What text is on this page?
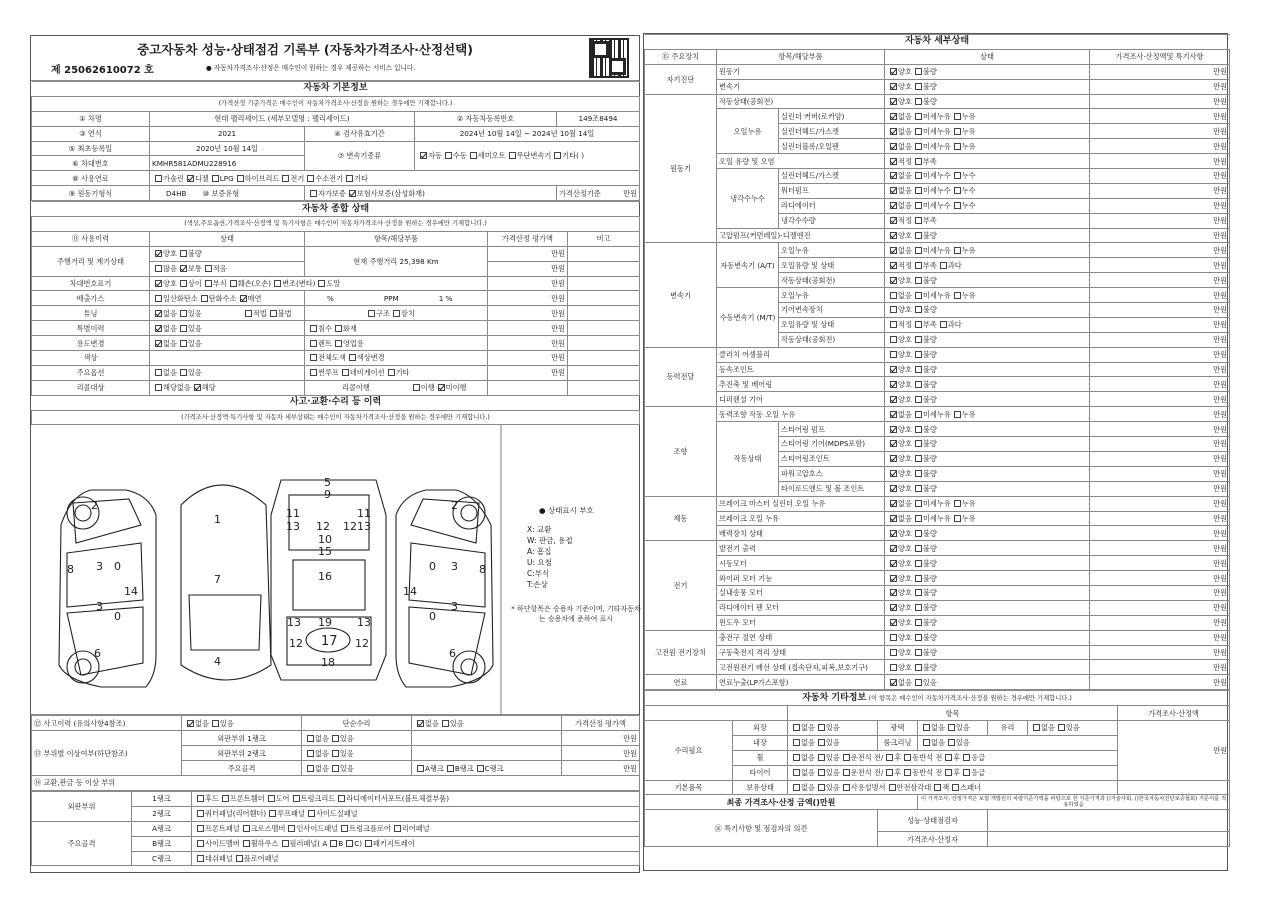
중고자동차 성능·상태점검 기록부 (자동차가격조사·산정선택)
제 25062610072 호	● 자동차가격조사·산정은 매수인이 원하는 경우 제공하는 서비스 입니다.
자동차 기본정보				
(가격산정 기준가격은 매수인이 자동차가격조사·산정을 원하는 경우에만 기재합니다.)				
① 차명	현대 팰리세이드 (세부모델명 : 팰리세이드)		② 자동차등록번호	149조8494
③ 연식	2021	④ 검사유효기간	2024년 10월 14일 ~ 2024년 10월 14일	
⑤ 최초등록일	2020년 10월 14일	⑦ 변속기종류	자동 수동 세미오토 무단변속기 기타( )	
⑥ 차대번호	KMHR581ADMU228916			
⑧ 사용연료	가솔린 디젤 LPG 하이브리드 전기 수소전기 기타			
⑨ 원동기형식	D4HB ⑩ 보증유형	자가보증 보험사보증(삼성화재)		가격산정기준 만원
자동차 종합 상태				
(색상,주요옵션,가격조사·산정액 및 특기사항은 매수인이 자동차가격조사·산정을 원하는 경우에만 기재합니다.)				
⑪ 사용이력	상태	항목/해당부품	가격산정 평가액	비고
주행거리 및 계기상태	양호 불량	현재 주행거리 25,398 Km	만원	
	많음 보통 적음		만원	
차대번호표기	양호 상이 부식 훼손(오손) 변조(변타) 도말		만원	
배출가스	일산화탄소 탄화수소 매연	% PPM 1 %	만원	
튜닝	없음 있음 적법 불법	구조 장치	만원	
특별이력	없음 있음	침수 화재	만원	
용도변경	없음 있음	렌트 영업용	만원	
색상		전체도색 색상변경	만원	
주요옵션	없음 있음	썬루프 네비게이션 기타	만원	
리콜대상	해당없음 해당	리콜이행 이행 미이행		
사고·교환·수리 등 이력				
(가격조사·산정액·특기사항 및 자동차 세부상태는 매수인이 자동차가격조사·산정을 원하는 경우에만 기재합니다.)				
2
3
3
8
14
6
0
0
1
7
4
5
9
11	11
13 12 12 13
10
15
16
19
13	13
12	12
17
18
2
3
3
8
14
6
0
0
● 상태표시 부호
X: 교환
W: 판금, 용접
A: 흠집
U: 요철
C:부식
T:손상
* 하단항목은 승용차 기준이며, 기타자동차는 승용차에 준하여 표시
⑫ 사고이력 (유의사항4참조)	없음 있음	단순수리	없음 있음	가격산정 평가액
⑬ 부위별 이상여부(하단참조)	외판부위 1랭크	없음 있음		만원
	외판부위 2랭크	없음 있음		만원
	주요골격	없음 있음	A랭크 B랭크 C랭크	만원
⑭ 교환,판금 등 이상 부위				
외판부위	1랭크	후드 프론트휀더 도어 트렁크리드 라디에이터서포트(볼트체결부품)
	2랭크	쿼터패널(리어휀더) 루프패널 사이드실패널
주요골격	A랭크	프론트패널 크로스멤버 인사이드패널 트렁크플로어 리어패널
	B랭크	사이드멤버 휠하우스 필러패널( A B C) 패키지트레이
	C랭크	대쉬패널 플로어패널
자동차 세부상태				
⑮ 주요장치	항목/해당부품		상태	가격조사·산정액및 특기사항
자기진단	원동기		양호 불량	만원
	변속기		양호 불량	만원
원동기	작동상태(공회전)		양호 불량	만원
	오일누유	실린더 커버(로커암)	없음 미세누유 누유	만원
		실린더헤드/가스켓	없음 미세누유 누유	만원
		실린더블록/오일팬	없음 미세누유 누유	만원
	오일 유량 및 오염		적정 부족	만원
	냉각수누수	실린더헤드/가스켓	없음 미세누수 누수	만원
		워터펌프	없음 미세누수 누수	만원
		라디에이터	없음 미세누수 누수	만원
		냉각수수량	적정 부족	만원
	고압펌프(커먼레일)-디젤엔진		양호 불량	만원
변속기	자동변속기 (A/T)	오일누유	없음 미세누유 누유	만원
		오일유량 및 상태	적정 부족 과다	만원
		작동상태(공회전)	양호 불량	만원
	수동변속기 (M/T)	오일누유	없음 미세누유 누유	만원
		기어변속장치	양호 불량	만원
		오일유량 및 상태	적정 부족 과다	만원
		작동상태(공회전)	양호 불량	만원
동력전달	클러치 어셈블리		양호 불량	만원
	등속조인트		양호 불량	만원
	추진축 및 베어링		양호 불량	만원
	디퍼렌셜 기어		양호 불량	만원
조향	동력조향 작동 오일 누유		없음 미세누유 누유	만원
	작동상태	스티어링 펌프	양호 불량	만원
		스티어링 기어(MDPS포함)	양호 불량	만원
		스티어링조인트	양호 불량	만원
		파워고압호스	양호 불량	만원
		타이로드엔드 및 볼 조인트	양호 불량	만원
제동	브레이크 마스터 실린더 오일 누유		없음 미세누유 누유	만원
	브레이크 오일 누유		없음 미세누유 누유	만원
	배력장치 상태		양호 불량	만원
전기	발전기 출력		양호 불량	만원
	시동모터		양호 불량	만원
	와이퍼 모터 기능		양호 불량	만원
	실내송풍 모터		양호 불량	만원
	라디에이터 팬 모터		양호 불량	만원
	윈도우 모터		양호 불량	만원
고전원 전기장치	충전구 절연 상태		양호 불량	만원
	구동축전지 격리 상태		양호 불량	만원
	고전원전기 배선 상태 (접속단자,피복,보호기구)		양호 불량	만원
연료	연료누출(LP가스포함)		없음 있음	만원
자동차 기타정보 (이 항목은 매수인이 자동차가격조사·산정을 원하는 경우에만 기재합니다.)							
		항목					가격조사·산정액
수리필요	외장	없음 있음	광택	없음 있음	유리	없음 있음	만원
	내장	없음 있음	룸크리닝	없음 있음			
	휠	없음 있음 운전석 전/ 후 동반석 전 후 응급					
	타이어	없음 있음 운전석 전/ 후 동반석 전 후 응급					
기본품목	보유상태	없음 있음 사용설명서 안전삼각대 잭 스패너					
최종 가격조사·산정 금액()만원				이 가격조사, 산정가격은 보험 개발원의 차량기준가액을 바탕으로 한 기준가격과 ()기술사회, ()한국자동차진단보증협회) 기준서를 적용하였음			
⑯ 특기사항 및 점검자의 의견			성능·상태점검자				
			가격조사·산정자				
